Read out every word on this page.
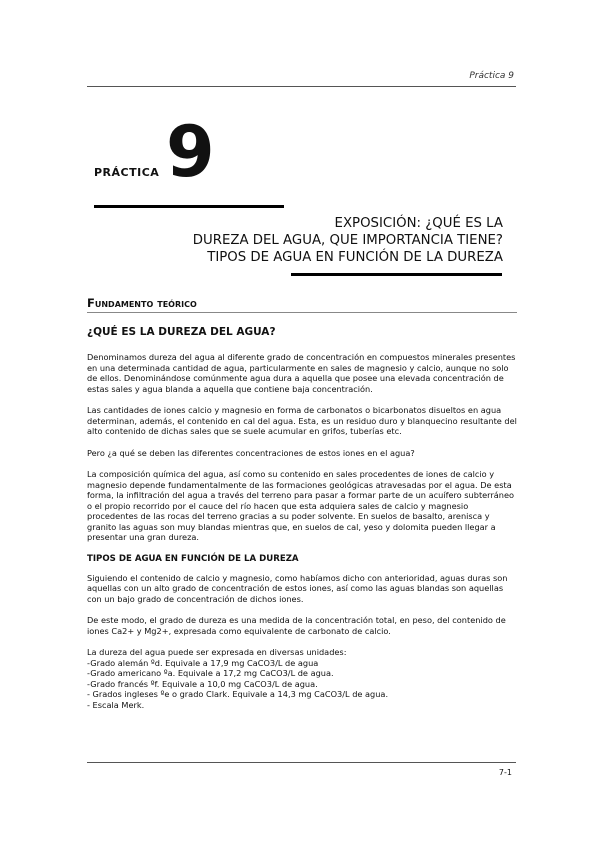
Práctica 9
PRÁCTICA 9
EXPOSICIÓN: ¿QUÉ ES LA
DUREZA DEL AGUA, QUE IMPORTANCIA TIENE?
TIPOS DE AGUA EN FUNCIÓN DE LA DUREZA
Fundamento teórico
¿QUÉ ES LA DUREZA DEL AGUA?

Denominamos dureza del agua al diferente grado de concentración en compuestos minerales presentes en una determinada cantidad de agua, particularmente en sales de magnesio y calcio, aunque no solo de ellos. Denominándose comúnmente agua dura a aquella que posee una elevada concentración de estas sales y agua blanda a aquella que contiene baja concentración.

Las cantidades de iones calcio y magnesio en forma de carbonatos o bicarbonatos disueltos en agua determinan, además, el contenido en cal del agua. Esta, es un residuo duro y blanquecino resultante del alto contenido de dichas sales que se suele acumular en grifos, tuberías etc.

Pero ¿a qué se deben las diferentes concentraciones de estos iones en el agua?

La composición química del agua, así como su contenido en sales procedentes de iones de calcio y magnesio depende fundamentalmente de las formaciones geológicas atravesadas por el agua. De esta forma, la infiltración del agua a través del terreno para pasar a formar parte de un acuífero subterráneo o el propio recorrido por el cauce del río hacen que esta adquiera sales de calcio y magnesio procedentes de las rocas del terreno gracias a su poder solvente. En suelos de basalto, arenisca y granito las aguas son muy blandas mientras que, en suelos de cal, yeso y dolomita pueden llegar a presentar una gran dureza.

TIPOS DE AGUA EN FUNCIÓN DE LA DUREZA

Siguiendo el contenido de calcio y magnesio, como habíamos dicho con anterioridad, aguas duras son aquellas con un alto grado de concentración de estos iones, así como las aguas blandas son aquellas con un bajo grado de concentración de dichos iones.

De este modo, el grado de dureza es una medida de la concentración total, en peso, del contenido de iones Ca2+ y Mg2+, expresada como equivalente de carbonato de calcio.

La dureza del agua puede ser expresada en diversas unidades:

-Grado alemán ºd. Equivale a 17,9 mg CaCO3/L de agua

-Grado americano ºa. Equivale a 17,2 mg CaCO3/L de agua.

-Grado francés ºf. Equivale a 10,0 mg CaCO3/L de agua.

- Grados ingleses ºe o grado Clark. Equivale a 14,3 mg CaCO3/L de agua.

- Escala Merk.

7-1
